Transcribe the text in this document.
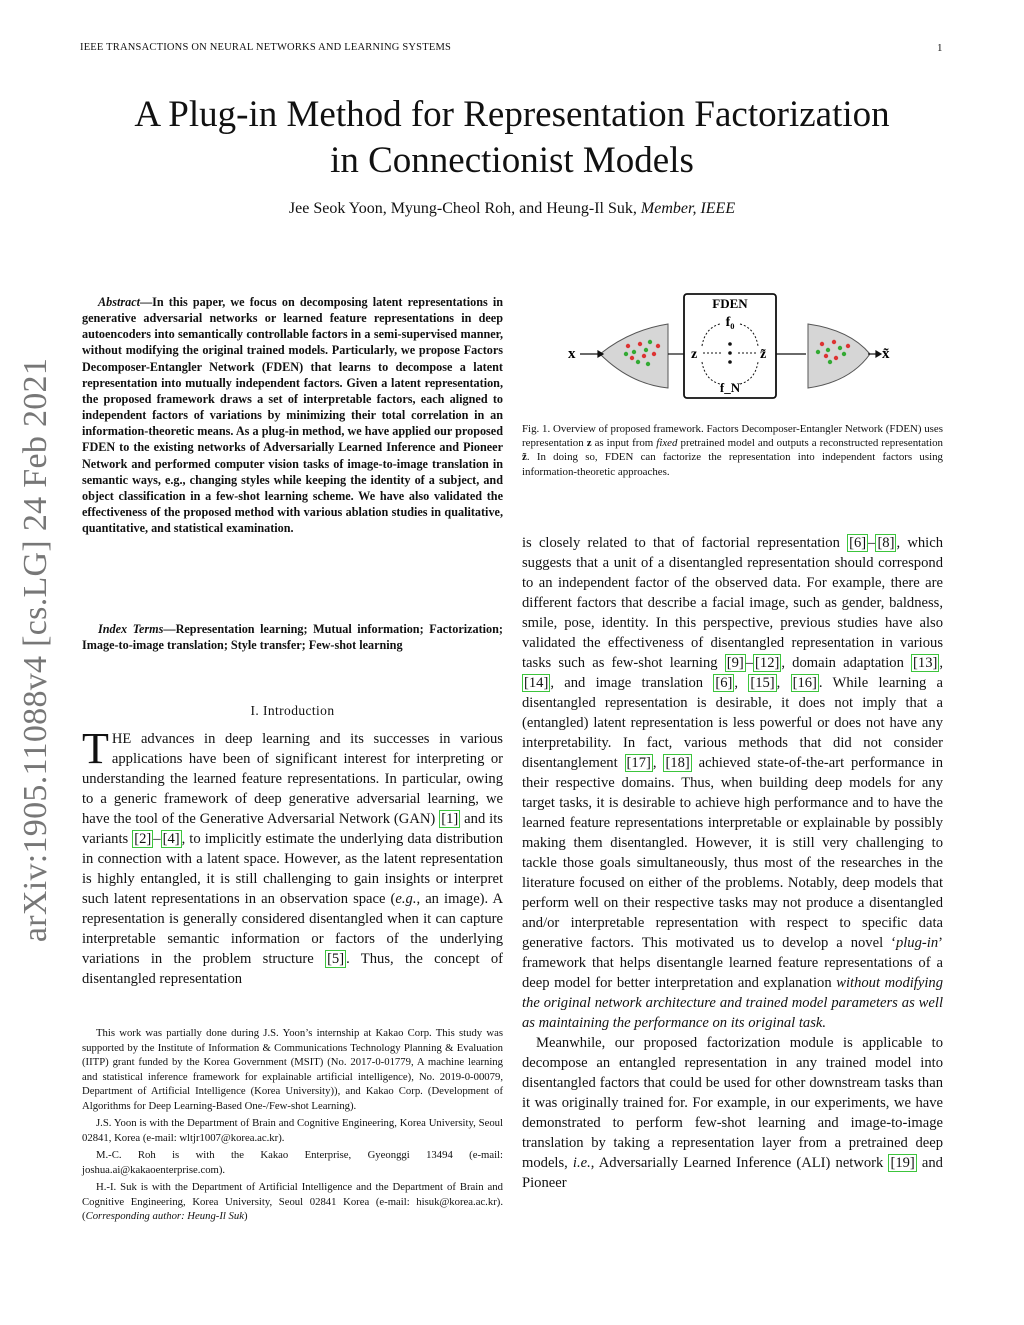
IEEE TRANSACTIONS ON NEURAL NETWORKS AND LEARNING SYSTEMS	1
A Plug-in Method for Representation Factorization
in Connectionist Models
Jee Seok Yoon, Myung-Cheol Roh, and Heung-Il Suk, Member, IEEE
arXiv:1905.11088v4 [cs.LG] 24 Feb 2021

Abstract—In this paper, we focus on decomposing latent representations in generative adversarial networks or learned feature representations in deep autoencoders into semantically controllable factors in a semi-supervised manner, without modifying the original trained models. Particularly, we propose Factors Decomposer-Entangler Network (FDEN) that learns to decompose a latent representation into mutually independent factors. Given a latent representation, the proposed framework draws a set of interpretable factors, each aligned to independent factors of variations by minimizing their total correlation in an information-theoretic means. As a plug-in method, we have applied our proposed FDEN to the existing networks of Adversarially Learned Inference and Pioneer Network and performed computer vision tasks of image-to-image translation in semantic ways, e.g., changing styles while keeping the identity of a subject, and object classification in a few-shot learning scheme. We have also validated the effectiveness of the proposed method with various ablation studies in qualitative, quantitative, and statistical examination.

Index Terms—Representation learning; Mutual information; Factorization; Image-to-image translation; Style transfer; Few-shot learning
I. Introduction

THE advances in deep learning and its successes in various applications have been of significant interest for interpreting or understanding the learned feature representations. In particular, owing to a generic framework of deep generative adversarial learning, we have the tool of the Generative Adversarial Network (GAN) [1] and its variants [2] – [4] , to implicitly estimate the underlying data distribution in connection with a latent space. However, as the latent representation is highly entangled, it is still challenging to gain insights or interpret such latent representations in an observation space (e.g., an image). A representation is generally considered disentangled when it can capture interpretable semantic information or factors of the underlying variations in the problem structure [5] . Thus, the concept of disentangled representation

This work was partially done during J.S. Yoon’s internship at Kakao Corp. This study was supported by the Institute of Information & Communications Technology Planning & Evaluation (IITP) grant funded by the Korea Government (MSIT) (No. 2017-0-01779, A machine learning and statistical inference framework for explainable artificial intelligence), No. 2019-0-00079, Department of Artificial Intelligence (Korea University)), and Kakao Corp. (Development of Algorithms for Deep Learning-Based One-/Few-shot Learning).

J.S. Yoon is with the Department of Brain and Cognitive Engineering, Korea University, Seoul 02841, Korea (e-mail: wltjr1007@korea.ac.kr).

M.-C. Roh is with the Kakao Enterprise, Gyeonggi 13494 (e-mail: joshua.ai@kakaoenterprise.com).

H.-I. Suk is with the Department of Artificial Intelligence and the Department of Brain and Cognitive Engineering, Korea University, Seoul 02841 Korea (e-mail: hisuk@korea.ac.kr). (Corresponding author: Heung-Il Suk)

FDEN
f₀
f_N
z	z̃
x	x̃
Fig. 1. Overview of proposed framework. Factors Decomposer-Entangler Network (FDEN) uses representation z as input from fixed pretrained model and outputs a reconstructed representation z̃. In doing so, FDEN can factorize the representation into independent factors using information-theoretic approaches.

is closely related to that of factorial representation [6] – [8] , which suggests that a unit of a disentangled representation should correspond to an independent factor of the observed data. For example, there are different factors that describe a facial image, such as gender, baldness, smile, pose, identity. In this perspective, previous studies have also validated the effectiveness of disentangled representation in various tasks such as few-shot learning [9] – [12] , domain adaptation [13] , [14] , and image translation [6] , [15] , [16] . While learning a disentangled representation is desirable, it does not imply that a (entangled) latent representation is less powerful or does not have any interpretability. In fact, various methods that did not consider disentanglement [17] , [18] achieved state-of-the-art performance in their respective domains. Thus, when building deep models for any target tasks, it is desirable to achieve high performance and to have the learned feature representations interpretable or explainable by possibly making them disentangled. However, it is still very challenging to tackle those goals simultaneously, thus most of the researches in the literature focused on either of the problems. Notably, deep models that perform well on their respective tasks may not produce a disentangled and/or interpretable representation with respect to specific data generative factors. This motivated us to develop a novel ‘plug-in’ framework that helps disentangle learned feature representations of a deep model for better interpretation and explanation without modifying the original network architecture and trained model parameters as well as maintaining the performance on its original task.

Meanwhile, our proposed factorization module is applicable to decompose an entangled representation in any trained model into disentangled factors that could be used for other downstream tasks than it was originally trained for. For example, in our experiments, we have demonstrated to perform few-shot learning and image-to-image translation by taking a representation layer from a pretrained deep models, i.e., Adversarially Learned Inference (ALI) network [19] and Pioneer
